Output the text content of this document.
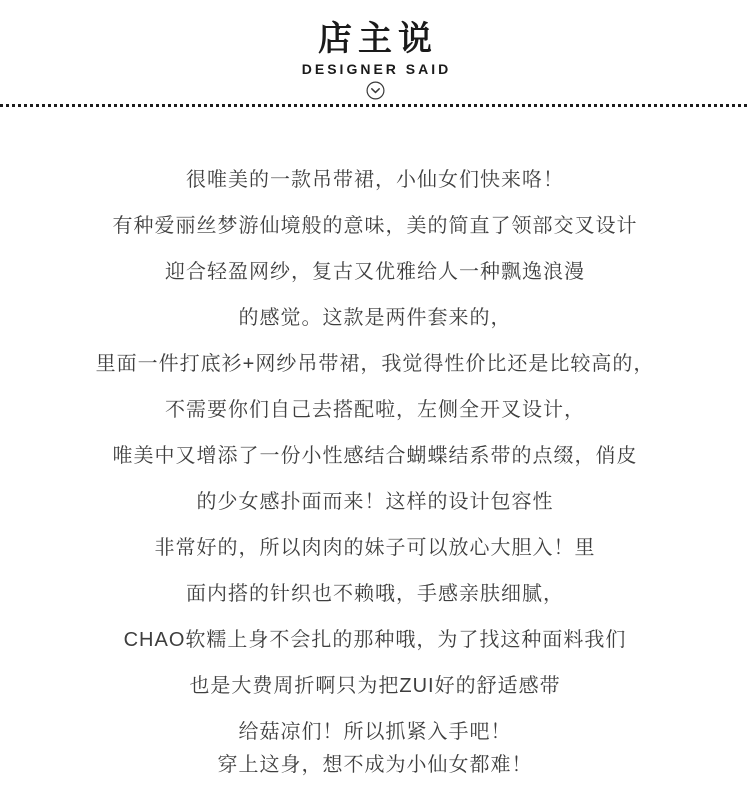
店主说
DESIGNER SAID
很唯美的一款吊带裙，小仙女们快来咯！
有种爱丽丝梦游仙境般的意味，美的简直了领部交叉设计
迎合轻盈网纱，复古又优雅给人一种飘逸浪漫
的感觉。这款是两件套来的，
里面一件打底衫+网纱吊带裙，我觉得性价比还是比较高的，
不需要你们自己去搭配啦，左侧全开叉设计，
唯美中又增添了一份小性感结合蝴蝶结系带的点缀，俏皮
的少女感扑面而来！这样的设计包容性
非常好的，所以肉肉的妹子可以放心大胆入！里
面内搭的针织也不赖哦，手感亲肤细腻，
CHAO软糯上身不会扎的那种哦，为了找这种面料我们
也是大费周折啊只为把ZUI好的舒适感带
给菇凉们！所以抓紧入手吧！
穿上这身，想不成为小仙女都难！
